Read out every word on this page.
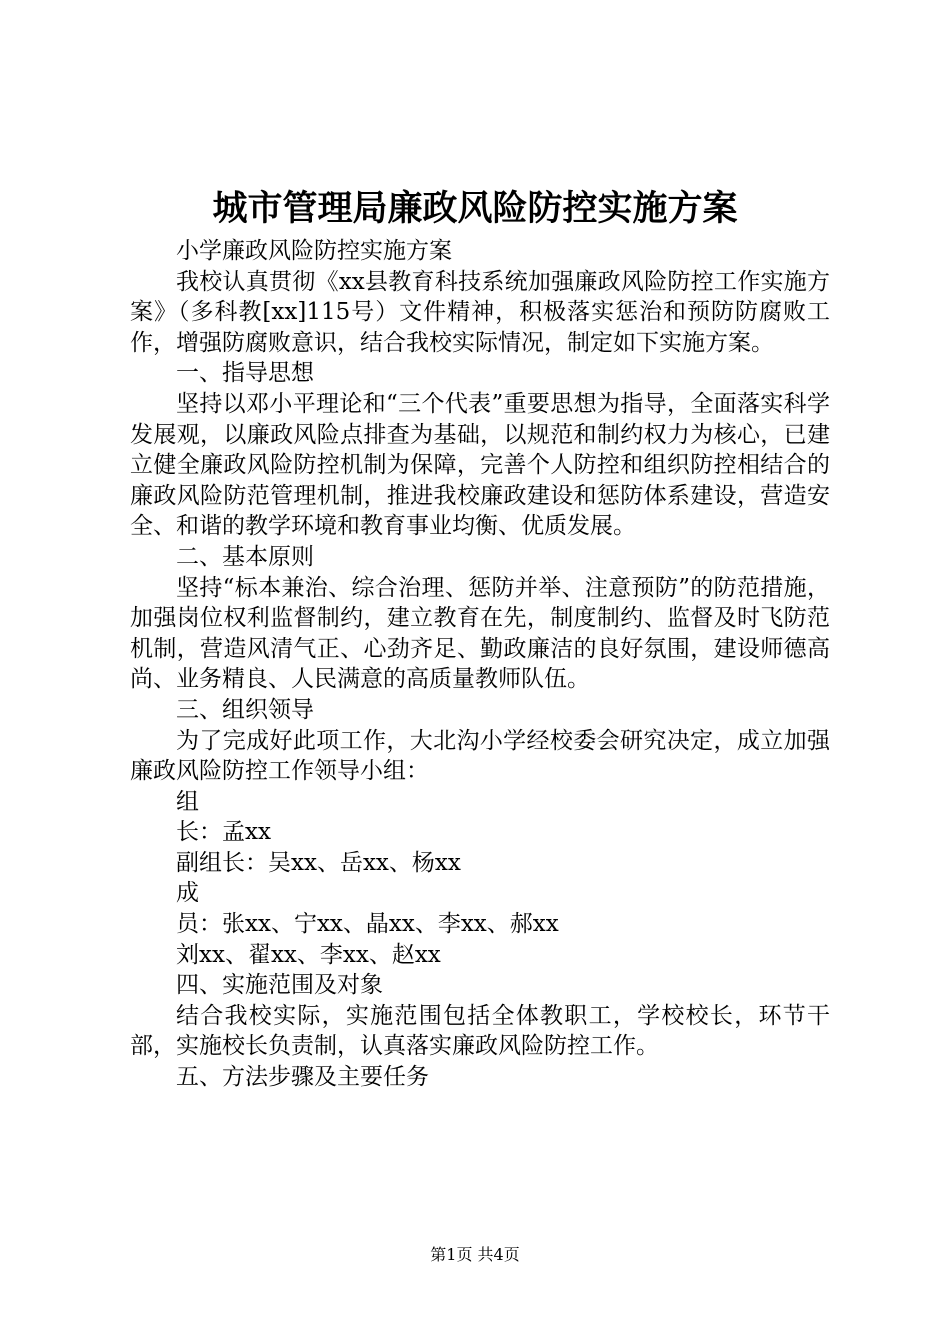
城市管理局廉政风险防控实施方案

小学廉政风险防控实施方案

我校认真贯彻《xx县教育科技系统加强廉政风险防控工作实施方案》（多科教[xx]115号）文件精神，积极落实惩治和预防防腐败工作，增强防腐败意识，结合我校实际情况，制定如下实施方案。

一、指导思想

坚持以邓小平理论和“三个代表”重要思想为指导，全面落实科学发展观，以廉政风险点排查为基础，以规范和制约权力为核心，已建立健全廉政风险防控机制为保障，完善个人防控和组织防控相结合的廉政风险防范管理机制，推进我校廉政建设和惩防体系建设，营造安全、和谐的教学环境和教育事业均衡、优质发展。

二、基本原则

坚持“标本兼治、综合治理、惩防并举、注意预防”的防范措施，加强岗位权利监督制约，建立教育在先，制度制约、监督及时飞防范机制，营造风清气正、心劲齐足、勤政廉洁的良好氛围，建设师德高尚、业务精良、人民满意的高质量教师队伍。

三、组织领导

为了完成好此项工作，大北沟小学经校委会研究决定，成立加强廉政风险防控工作领导小组：

组

长：孟xx

副组长：吴xx、岳xx、杨xx

成

员：张xx、宁xx、晶xx、李xx、郝xx

刘xx、翟xx、李xx、赵xx

四、实施范围及对象

结合我校实际，实施范围包括全体教职工，学校校长，环节干部，实施校长负责制，认真落实廉政风险防控工作。

五、方法步骤及主要任务

第1页 共4页
